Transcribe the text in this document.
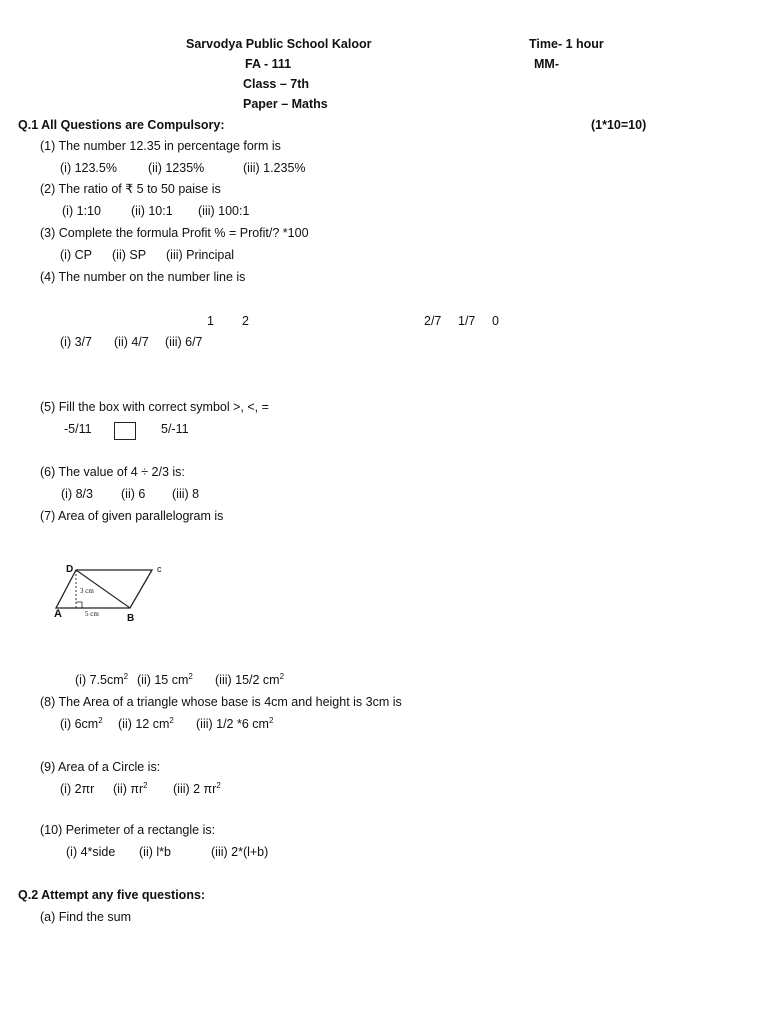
Sarvodya Public School Kaloor	Time- 1 hour
FA - 111	MM-
Class – 7th
Paper – Maths
Q.1 All Questions are Compulsory:	(1*10=10)
(1) The number 12.35 in percentage form is
(i) 123.5% (ii) 1235%	(iii) 1.235%
(2) The ratio of ₹ 5 to 50 paise is
(i) 1:10 (ii) 10:1 (iii) 100:1
(3) Complete the formula Profit % = Profit/? *100
(i) CP (ii) SP (iii) Principal
(4) The number on the number line is
1 2	2/7 1/7 0
(i) 3/7 (ii) 4/7 (iii) 6/7
(5) Fill the box with correct symbol >, <, =
-5/11	5/-11
(6) The value of 4 ÷ 2/3 is:
(i) 8/3 (ii) 6 (iii) 8
(7) Area of given parallelogram is
D	c
A	B
3 cm
5 cm
(i) $7.5cm^2$ (ii) 15 $cm^2$ (iii) 15/2 $cm^2$
(8) The Area of a triangle whose base is 4cm and height is 3cm is
(i) $6cm^2$ (ii) 12 $cm^2$ (iii) 1/2 *6 $cm^2$
(9) Area of a Circle is:
(i) 2πr (ii) $\pi r^2$ (iii) 2 $\pi r^2$
(10) Perimeter of a rectangle is:
(i) 4*side (ii) l*b	(iii) 2*(l+b)
Q.2 Attempt any five questions:
(a) Find the sum
